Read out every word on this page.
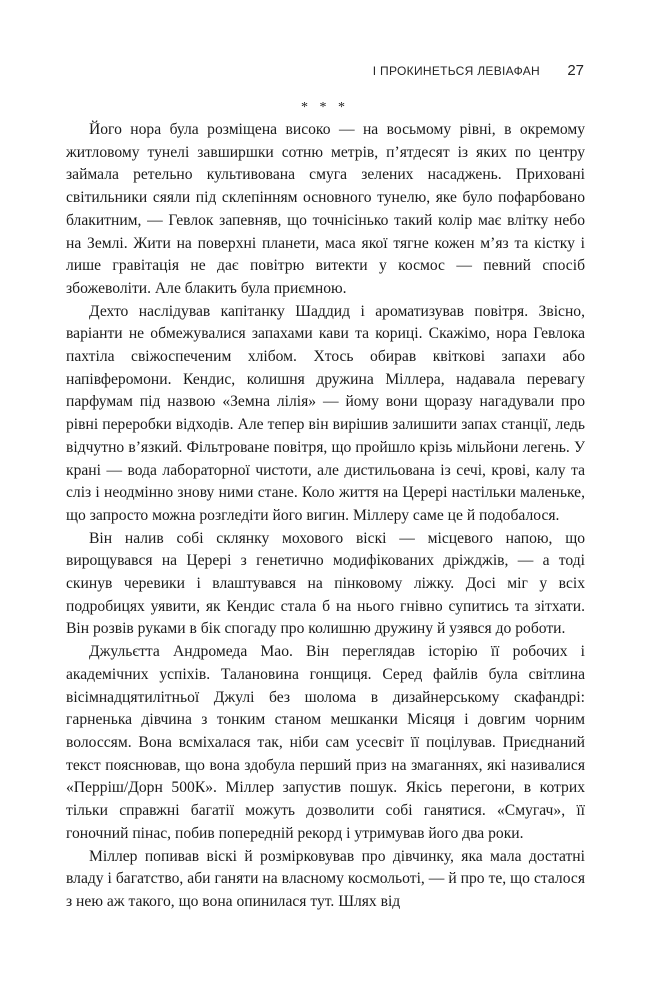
І ПРОКИНЕТЬСЯ ЛЕВІАФАН 27
* * *

Його нора була розміщена високо — на восьмому рівні, в окремому житловому тунелі завширшки сотню метрів, п’ятдесят із яких по центру займала ретельно культивована смуга зелених насаджень. Приховані світильники сяяли під склепінням основного тунелю, яке було пофарбовано блакитним, — Гевлок запевняв, що точнісінько такий колір має влітку небо на Землі. Жити на поверхні планети, маса якої тягне кожен м’яз та кістку і лише гравітація не дає повітрю витекти у космос — певний спосіб збожеволіти. Але блакить була приємною.

Дехто наслідував капітанку Шаддид і ароматизував повітря. Звісно, варіанти не обмежувалися запахами кави та кориці. Скажімо, нора Гевлока пахтіла свіжоспеченим хлібом. Хтось обирав квіткові запахи або напівферомони. Кендис, колишня дружина Міллера, надавала перевагу парфумам під назвою «Земна лілія» — йому вони щоразу нагадували про рівні переробки відходів. Але тепер він вирішив залишити запах станції, ледь відчутно в’язкий. Фільтроване повітря, що пройшло крізь мільйони легень. У крані — вода лабораторної чистоти, але дистильована із сечі, крові, калу та сліз і неодмінно знову ними стане. Коло життя на Церері настільки маленьке, що запросто можна розгледіти його вигин. Міллеру саме це й подобалося.

Він налив собі склянку мохового віскі — місцевого напою, що вирощувався на Церері з генетично модифікованих дріжджів, — а тоді скинув черевики і влаштувався на пінковому ліжку. Досі міг у всіх подробицях уявити, як Кендис стала б на нього гнівно супитись та зітхати. Він розвів руками в бік спогаду про колишню дружину й узявся до роботи.

Джульєтта Андромеда Мао. Він переглядав історію її робочих і академічних успіхів. Талановина гонщиця. Серед файлів була світлина вісімнадцятилітньої Джулі без шолома в дизайнерському скафандрі: гарненька дівчина з тонким станом мешканки Місяця і довгим чорним волоссям. Вона всміхалася так, ніби сам усесвіт її поцілував. Приєднаний текст пояснював, що вона здобула перший приз на змаганнях, які називалися «Перріш/Дорн 500К». Міллер запустив пошук. Якісь перегони, в котрих тільки справжні багатії можуть дозволити собі ганятися. «Смугач», її гоночний пінас, побив попередній рекорд і утримував його два роки.

Міллер попивав віскі й розмірковував про дівчинку, яка мала достатні владу і багатство, аби ганяти на власному космольоті, — й про те, що сталося з нею аж такого, що вона опинилася тут. Шлях від
